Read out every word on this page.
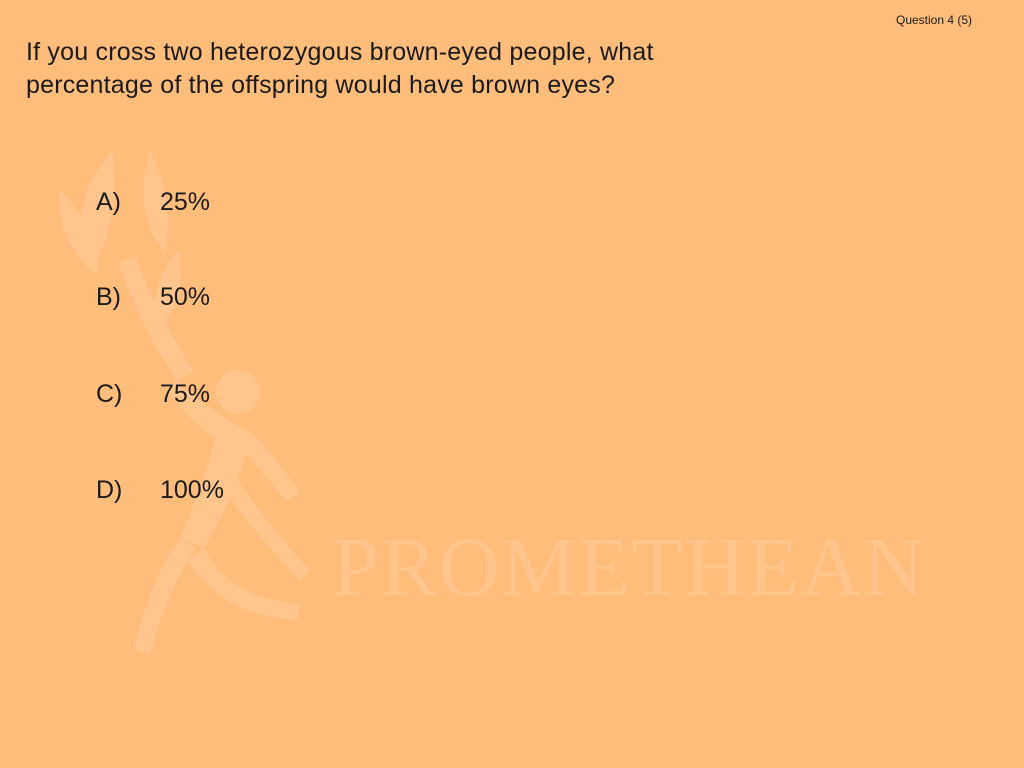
PROMETHEAN
Question 4 (5)
If you cross two heterozygous brown-eyed people, what percentage of the offspring would have brown eyes?
A) 25%
B) 50%
C) 75%
D) 100%
